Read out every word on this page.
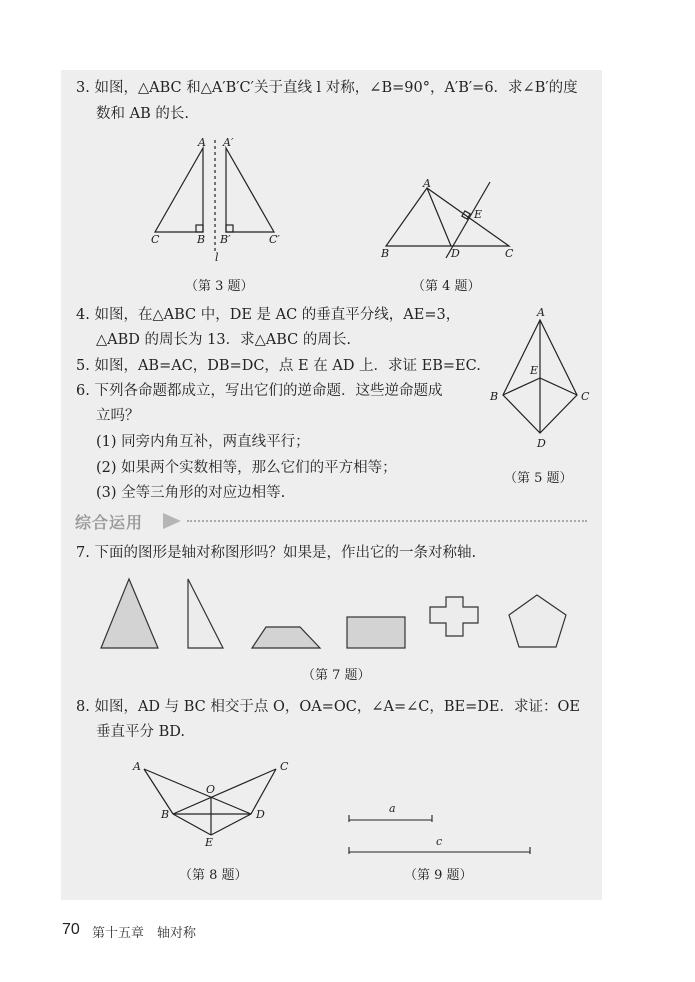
3. 如图，△ABC 和△A′B′C′关于直线 l 对称，∠B=90°，A′B′=6．求∠B′的度
数和 AB 的长.
A A′
C	B B′	C′
l
（第 3 题）
A
E
B	D	C
（第 4 题）
4. 如图，在△ABC 中，DE 是 AC 的垂直平分线，AE=3，
△ABD 的周长为 13．求△ABC 的周长.
5. 如图，AB=AC，DB=DC，点 E 在 AD 上．求证 EB=EC.
6. 下列各命题都成立，写出它们的逆命题．这些逆命题成
立吗？
(1) 同旁内角互补，两直线平行；
(2) 如果两个实数相等，那么它们的平方相等；
(3) 全等三角形的对应边相等.
A
E
B	C
D
（第 5 题）
综合运用
7. 下面的图形是轴对称图形吗？如果是，作出它的一条对称轴.
（第 7 题）
8. 如图，AD 与 BC 相交于点 O，OA=OC，∠A=∠C，BE=DE．求证：OE
垂直平分 BD.
A	C
O
B	D
E
（第 8 题）
a
c
（第 9 题）
70 第十五章　轴对称
